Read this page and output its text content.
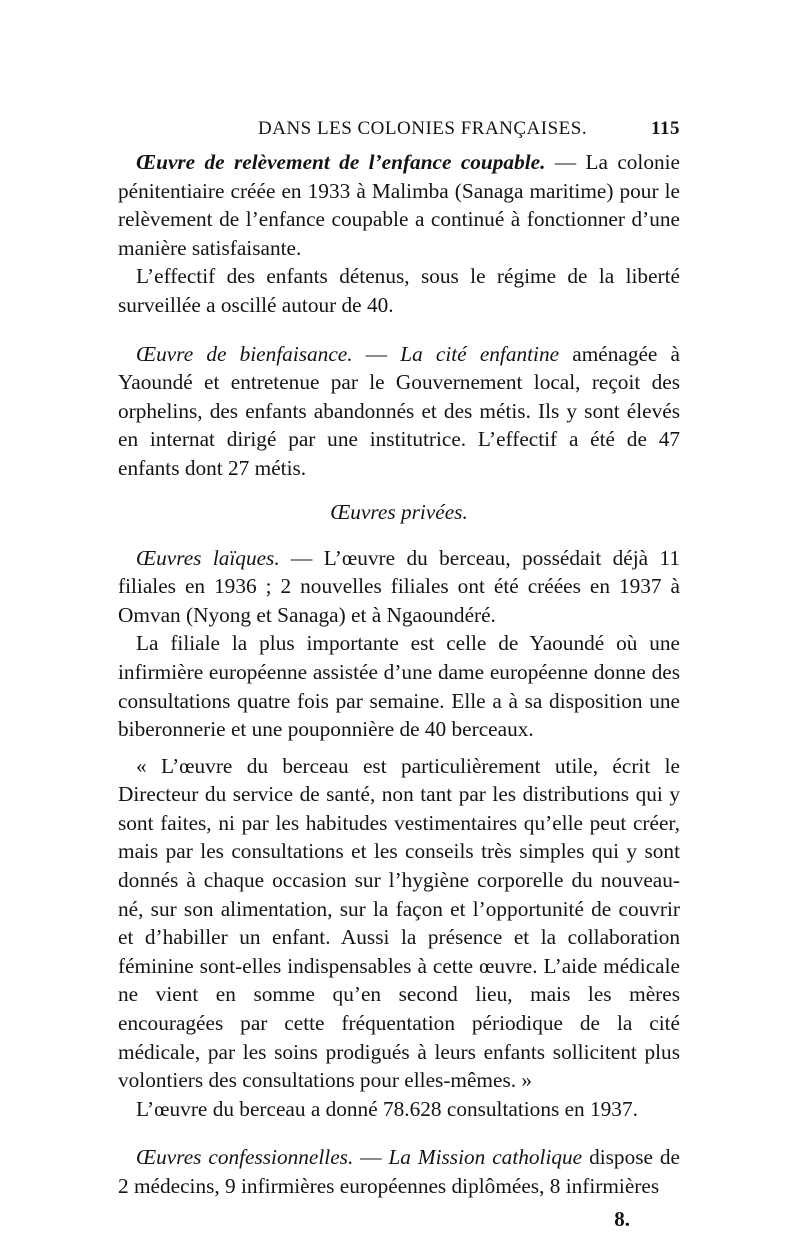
DANS LES COLONIES FRANÇAISES.	115

Œuvre de relèvement de l’enfance coupable. — La colonie pénitentiaire créée en 1933 à Malimba (Sanaga maritime) pour le relèvement de l’enfance coupable a continué à fonctionner d’une manière satisfaisante.

L’effectif des enfants détenus, sous le régime de la liberté surveillée a oscillé autour de 40.

Œuvre de bienfaisance. — La cité enfantine aménagée à Yaoundé et entretenue par le Gouvernement local, reçoit des orphelins, des enfants abandonnés et des métis. Ils y sont élevés en internat dirigé par une institutrice. L’effectif a été de 47 enfants dont 27 métis.

Œuvres privées.

Œuvres laïques. — L’œuvre du berceau, possédait déjà 11 filiales en 1936 ; 2 nouvelles filiales ont été créées en 1937 à Omvan (Nyong et Sanaga) et à Ngaoundéré.

La filiale la plus importante est celle de Yaoundé où une infirmière européenne assistée d’une dame européenne donne des consultations quatre fois par semaine. Elle a à sa disposition une biberonnerie et une pouponnière de 40 berceaux.

« L’œuvre du berceau est particulièrement utile, écrit le Directeur du service de santé, non tant par les distributions qui y sont faites, ni par les habitudes vestimentaires qu’elle peut créer, mais par les consultations et les conseils très simples qui y sont donnés à chaque occasion sur l’hygiène corporelle du nouveau-né, sur son alimentation, sur la façon et l’opportunité de couvrir et d’habiller un enfant. Aussi la présence et la collaboration féminine sont-elles indispensables à cette œuvre. L’aide médicale ne vient en somme qu’en second lieu, mais les mères encouragées par cette fréquentation périodique de la cité médicale, par les soins prodigués à leurs enfants sollicitent plus volontiers des consultations pour elles-mêmes. »

L’œuvre du berceau a donné 78.628 consultations en 1937.

Œuvres confessionnelles. — La Mission catholique dispose de 2 médecins, 9 infirmières européennes diplômées, 8 infirmières

8.
